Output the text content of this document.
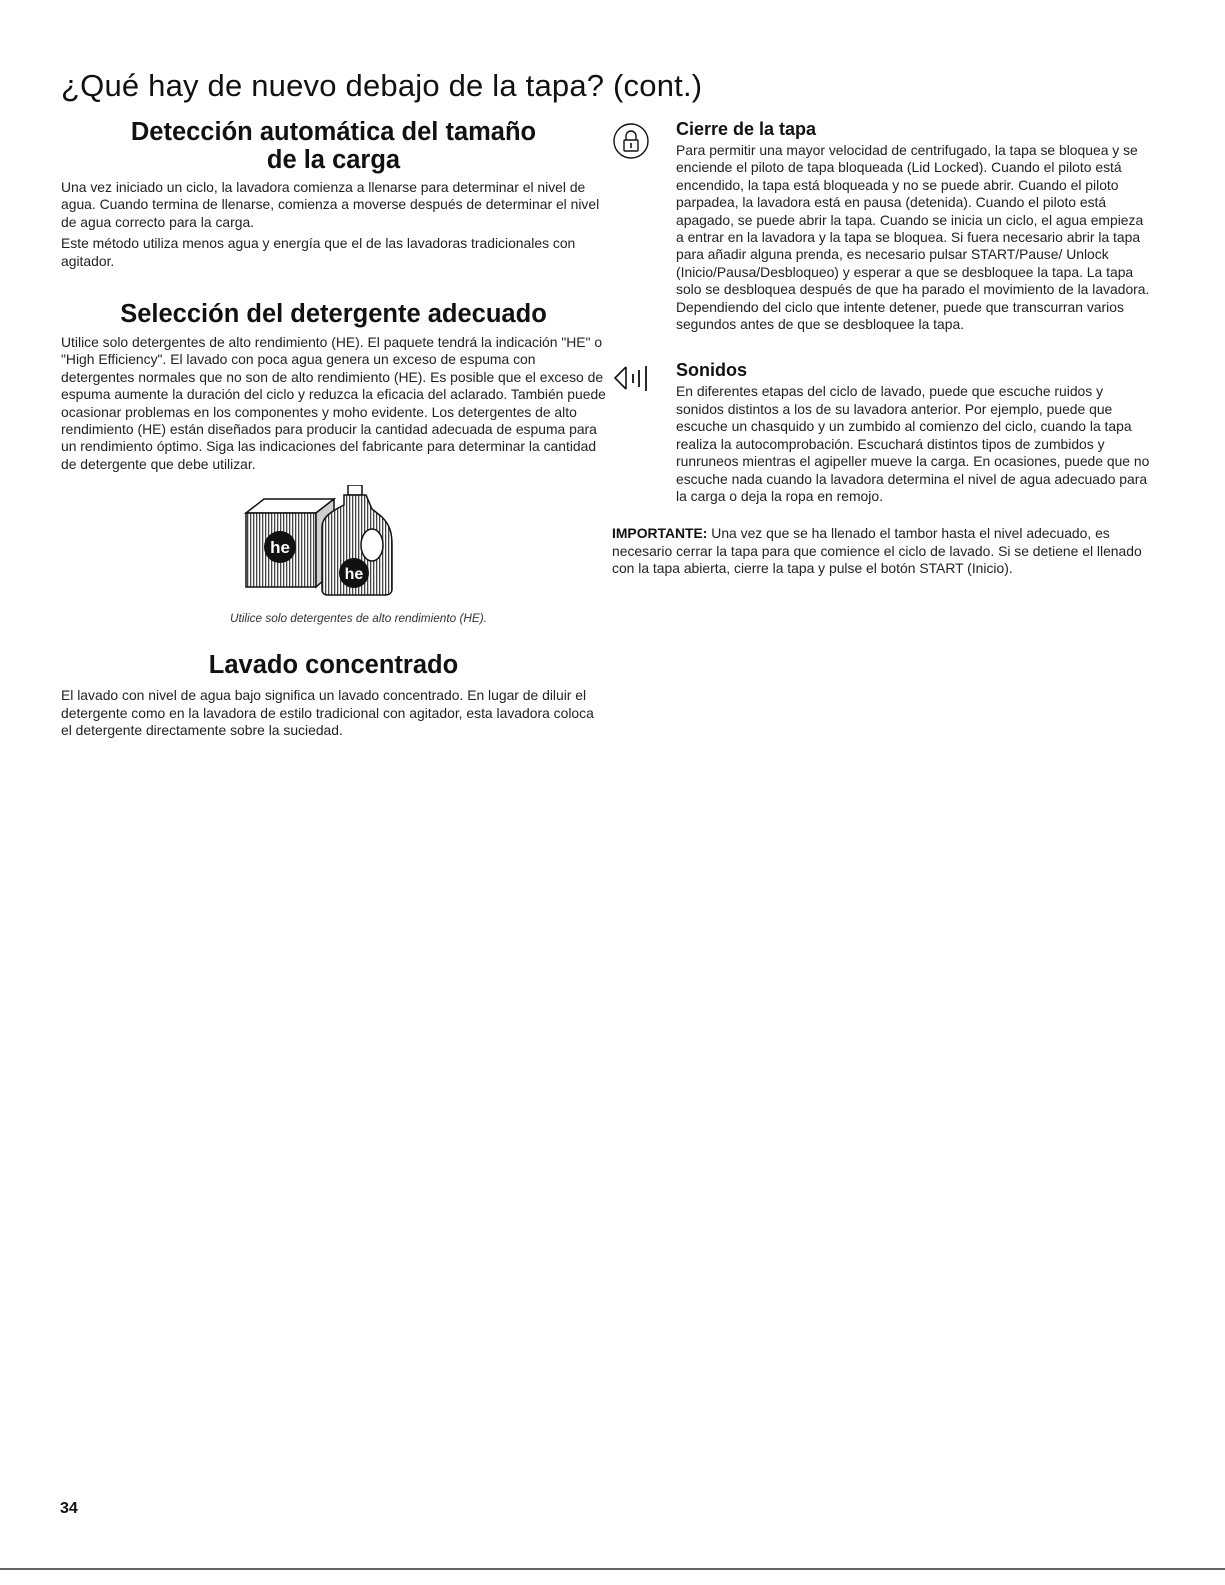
¿Qué hay de nuevo debajo de la tapa? (cont.)
Detección automática del tamaño
de la carga

Una vez iniciado un ciclo, la lavadora comienza a llenarse para determinar el nivel de agua. Cuando termina de llenarse, comienza a moverse después de determinar el nivel de agua correcto para la carga.

Este método utiliza menos agua y energía que el de las lavadoras tradicionales con agitador.

Selección del detergente adecuado

Utilice solo detergentes de alto rendimiento (HE). El paquete tendrá la indicación "HE" o "High Efficiency". El lavado con poca agua genera un exceso de espuma con detergentes normales que no son de alto rendimiento (HE). Es posible que el exceso de espuma aumente la duración del ciclo y reduzca la eficacia del aclarado. También puede ocasionar problemas en los componentes y moho evidente. Los detergentes de alto rendimiento (HE) están diseñados para producir la cantidad adecuada de espuma para un rendimiento óptimo. Siga las indicaciones del fabricante para determinar la cantidad de detergente que debe utilizar.

he
he
Utilice solo detergentes de alto rendimiento (HE).
Lavado concentrado

El lavado con nivel de agua bajo significa un lavado concentrado. En lugar de diluir el detergente como en la lavadora de estilo tradicional con agitador, esta lavadora coloca el detergente directamente sobre la suciedad.

Cierre de la tapa

Para permitir una mayor velocidad de centrifugado, la tapa se bloquea y se enciende el piloto de tapa bloqueada (Lid Locked). Cuando el piloto está encendido, la tapa está bloqueada y no se puede abrir. Cuando el piloto parpadea, la lavadora está en pausa (detenida). Cuando el piloto está apagado, se puede abrir la tapa. Cuando se inicia un ciclo, el agua empieza a entrar en la lavadora y la tapa se bloquea. Si fuera necesario abrir la tapa para añadir alguna prenda, es necesario pulsar START/Pause/ Unlock (Inicio/Pausa/Desbloqueo) y esperar a que se desbloquee la tapa. La tapa solo se desbloquea después de que ha parado el movimiento de la lavadora. Dependiendo del ciclo que intente detener, puede que transcurran varios segundos antes de que se desbloquee la tapa.

Sonidos

En diferentes etapas del ciclo de lavado, puede que escuche ruidos y sonidos distintos a los de su lavadora anterior. Por ejemplo, puede que escuche un chasquido y un zumbido al comienzo del ciclo, cuando la tapa realiza la autocomprobación. Escuchará distintos tipos de zumbidos y runruneos mientras el agipeller mueve la carga. En ocasiones, puede que no escuche nada cuando la lavadora determina el nivel de agua adecuado para la carga o deja la ropa en remojo.

IMPORTANTE: Una vez que se ha llenado el tambor hasta el nivel adecuado, es necesario cerrar la tapa para que comience el ciclo de lavado. Si se detiene el llenado con la tapa abierta, cierre la tapa y pulse el botón START (Inicio).

34
